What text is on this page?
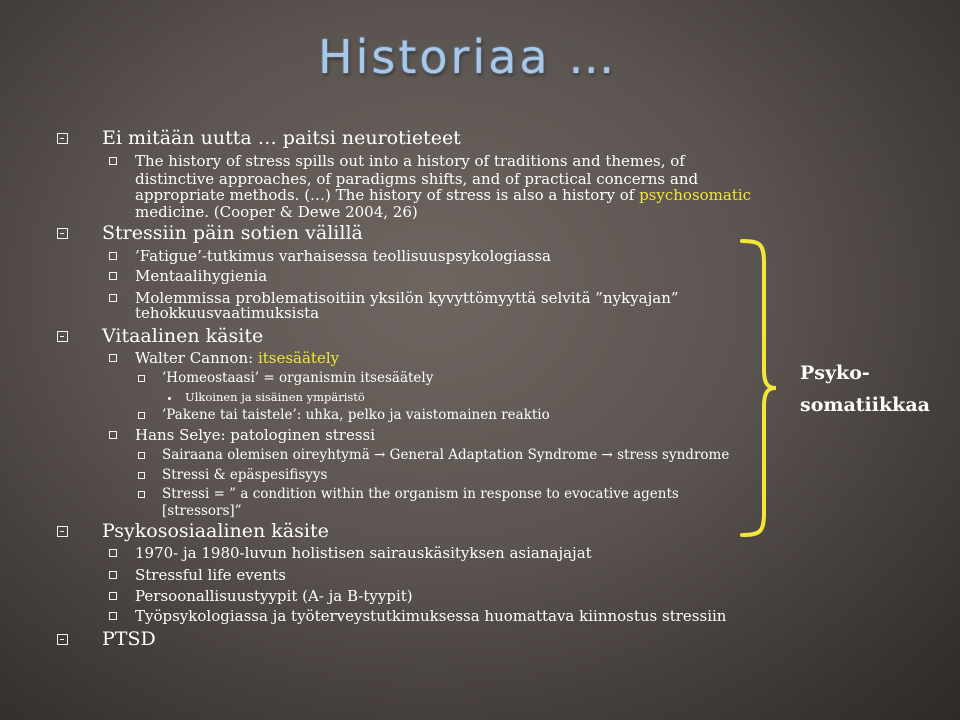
Historiaa …
Ei mitään uutta … paitsi neurotieteet
The history of stress spills out into a history of traditions and themes, of
distinctive approaches, of paradigms shifts, and of practical concerns and
appropriate methods. (…) The history of stress is also a history of psychosomatic
medicine. (Cooper & Dewe 2004, 26)
Stressiin päin sotien välillä
’Fatigue’-tutkimus varhaisessa teollisuuspsykologiassa
Mentaalihygienia
Molemmissa problematisoitiin yksilön kyvyttömyyttä selvitä ”nykyajan”
tehokkuusvaatimuksista
Vitaalinen käsite
Walter Cannon: itsesäätely
’Homeostaasi’ = organismin itsesäätely
Ulkoinen ja sisäinen ympäristö
’Pakene tai taistele’: uhka, pelko ja vaistomainen reaktio
Hans Selye: patologinen stressi
Sairaana olemisen oireyhtymä → General Adaptation Syndrome → stress syndrome
Stressi & epäspesifisyys
Stressi = ” a condition within the organism in response to evocative agents
[stressors]”
Psykososiaalinen käsite
1970- ja 1980-luvun holistisen sairauskäsityksen asianajajat
Stressful life events
Persoonallisuustyypit (A- ja B-tyypit)
Työpsykologiassa ja työterveystutkimuksessa huomattava kiinnostus stressiin
PTSD
Psyko-
somatiikkaa
